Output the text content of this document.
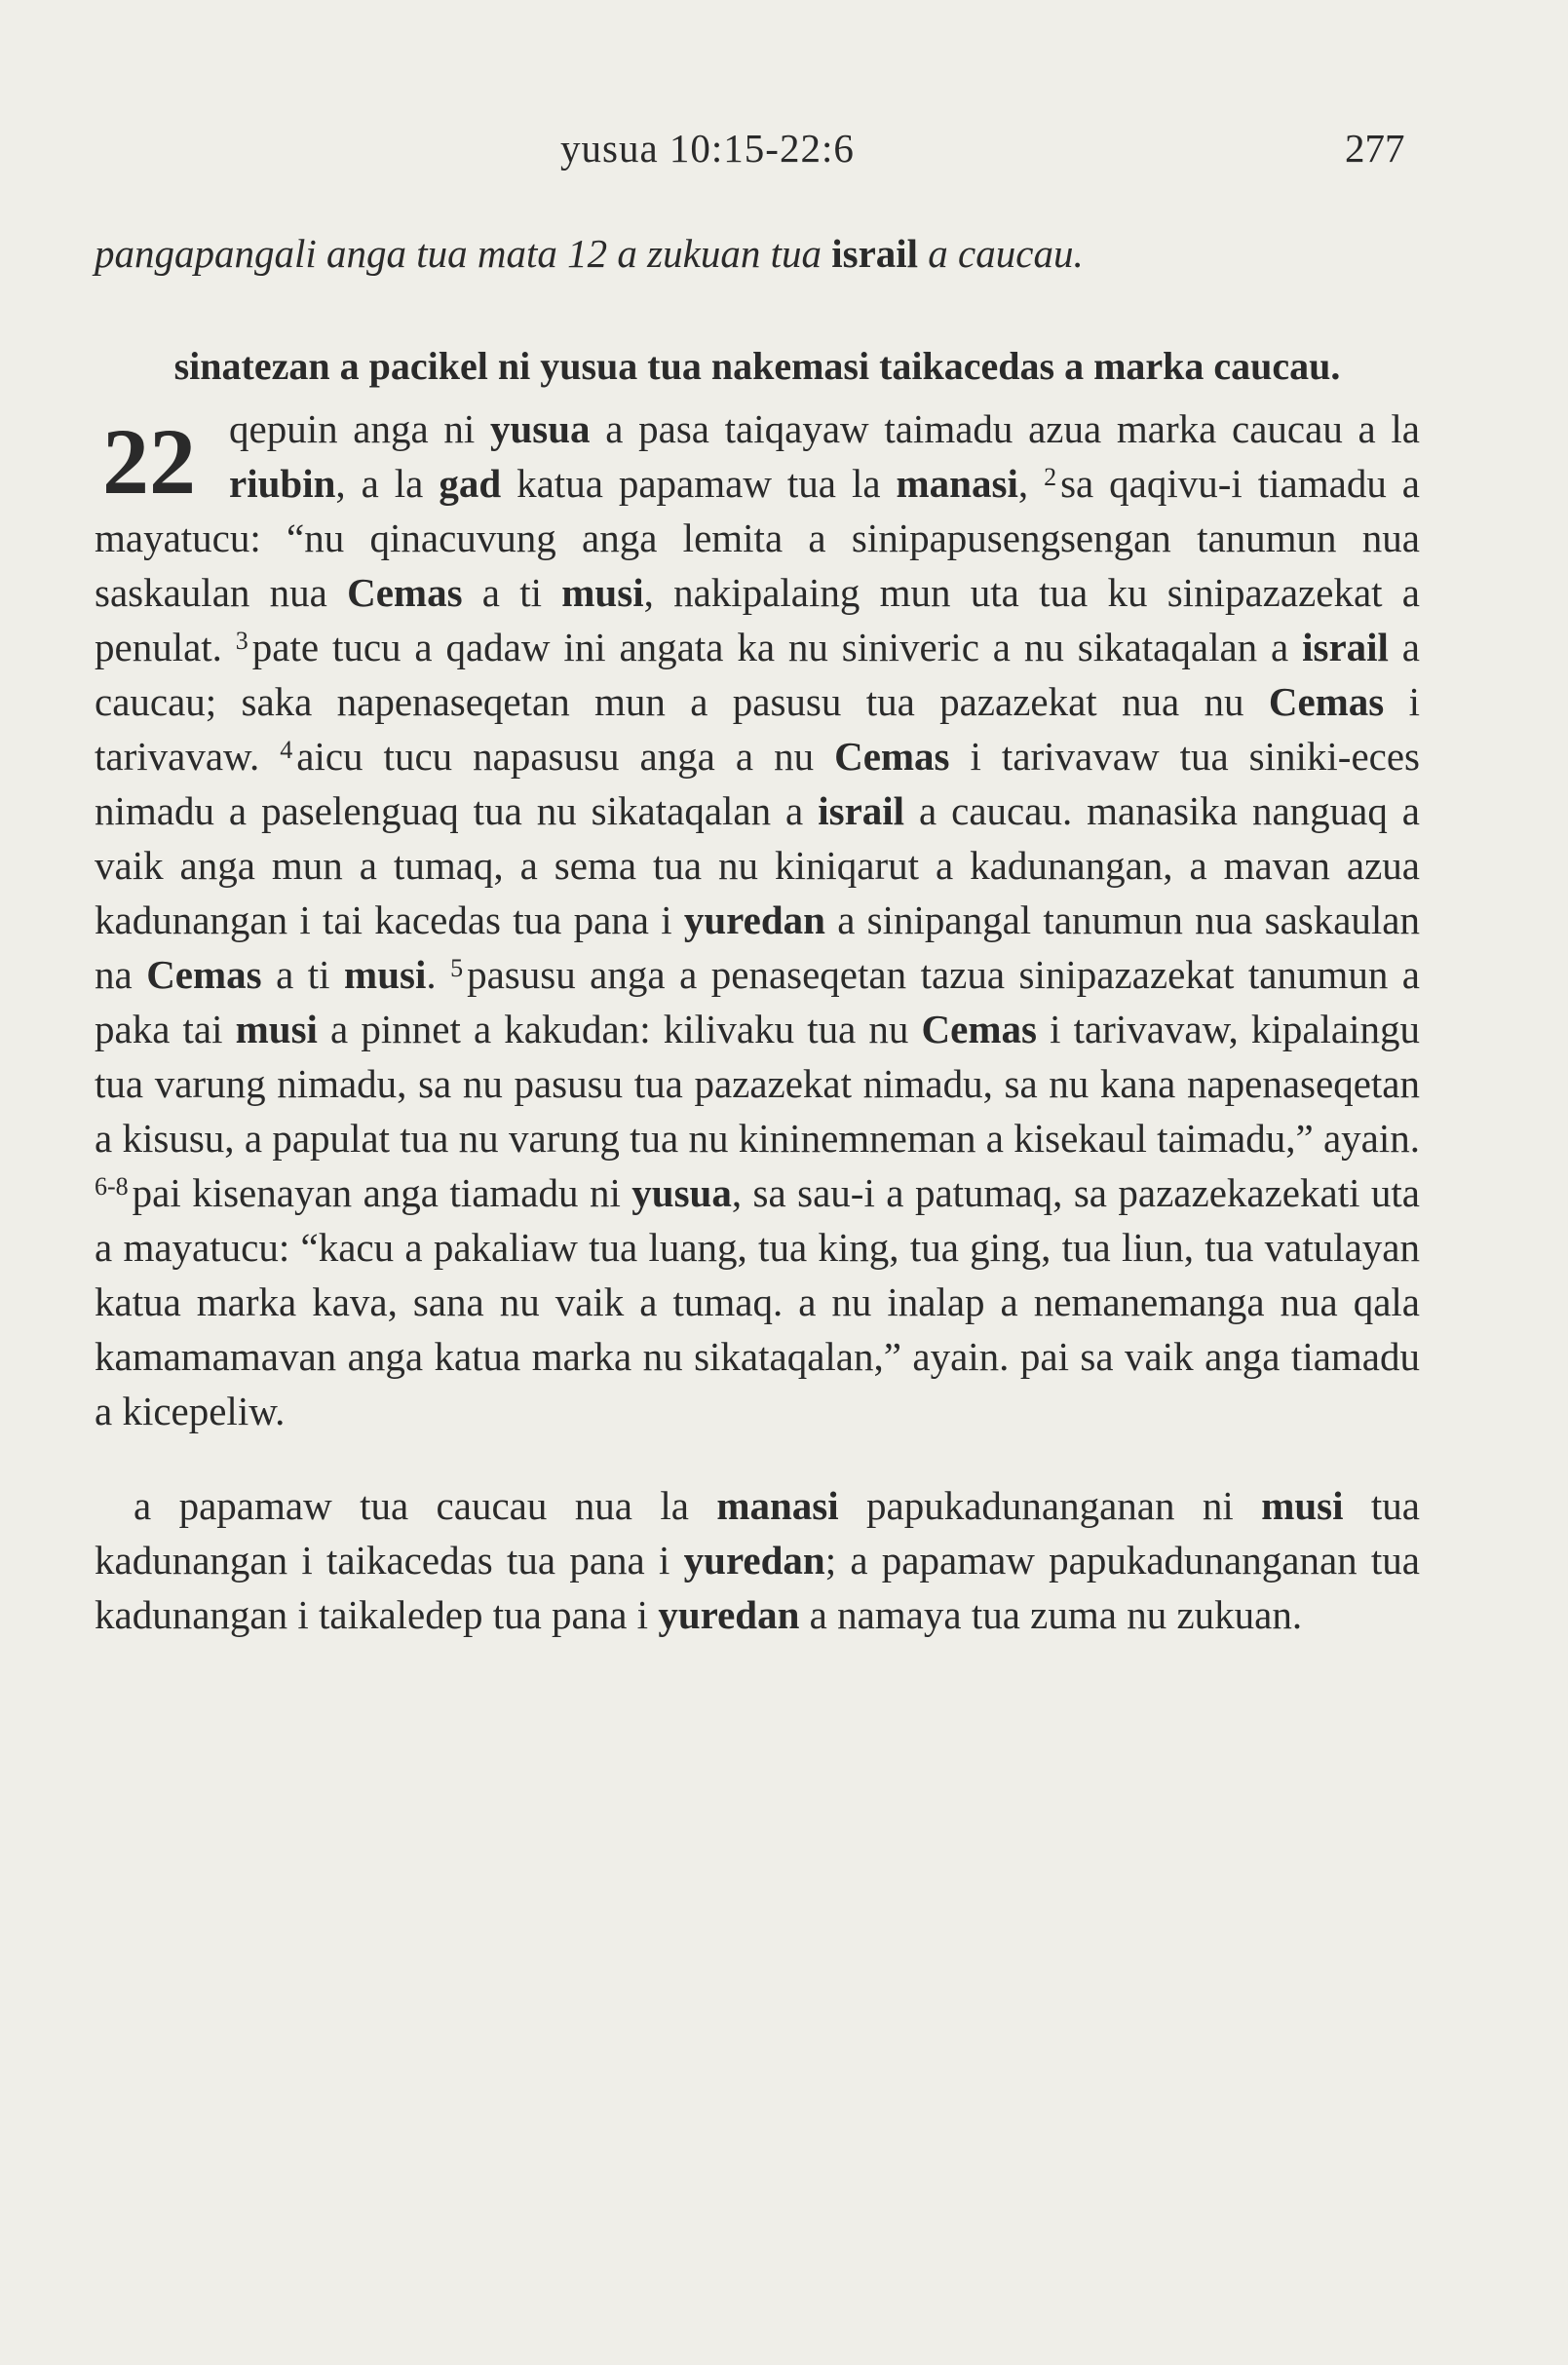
yusua 10:15-22:6	277

pangapangali anga tua mata 12 a zukuan tua israil a caucau.

sinatezan a pacikel ni yusua tua nakemasi taikacedas a marka caucau.

22 qepuin anga ni yusua a pasa taiqayaw taimadu azua marka caucau a la riubin, a la gad katua papamaw tua la manasi, $^2$sa qaqivu-i tiamadu a mayatucu: “nu qinacuvung anga lemita a sinipapusengsengan tanumun nua saskaulan nua Cemas a ti musi, nakipalaing mun uta tua ku sinipazazekat a penulat. $^3$pate tucu a qadaw ini angata ka nu siniveric a nu sikataqalan a israil a caucau; saka napenaseqetan mun a pasusu tua pazazekat nua nu Cemas i tarivavaw. $^4$aicu tucu napasusu anga a nu Cemas i tarivavaw tua siniki-eces nimadu a paselenguaq tua nu sikataqalan a israil a caucau. manasika nanguaq a vaik anga mun a tumaq, a sema tua nu kiniqarut a kadunangan, a mavan azua kadunangan i tai kacedas tua pana i yuredan a sinipangal tanumun nua saskaulan na Cemas a ti musi. $^5$pasusu anga a penaseqetan tazua sinipazazekat tanumun a paka tai musi a pinnet a kakudan: kilivaku tua nu Cemas i tarivavaw, kipalaingu tua varung nimadu, sa nu pasusu tua pazazekat nimadu, sa nu kana napenaseqetan a kisusu, a papulat tua nu varung tua nu kininemneman a kisekaul taimadu,” ayain. $^{6-8}$pai kisenayan anga tiamadu ni yusua, sa sau-i a patumaq, sa pazazekazekati uta a mayatucu: “kacu a pakaliaw tua luang, tua king, tua ging, tua liun, tua vatulayan katua marka kava, sana nu vaik a tumaq. a nu inalap a nemanemanga nua qala kamamamavan anga katua marka nu sikataqalan,” ayain. pai sa vaik anga tiamadu a kicepeliw.

a papamaw tua caucau nua la manasi papukadunanganan ni musi tua kadunangan i taikacedas tua pana i yuredan; a papamaw papukadunanganan tua kadunangan i taikaledep tua pana i yuredan a namaya tua zuma nu zukuan.
